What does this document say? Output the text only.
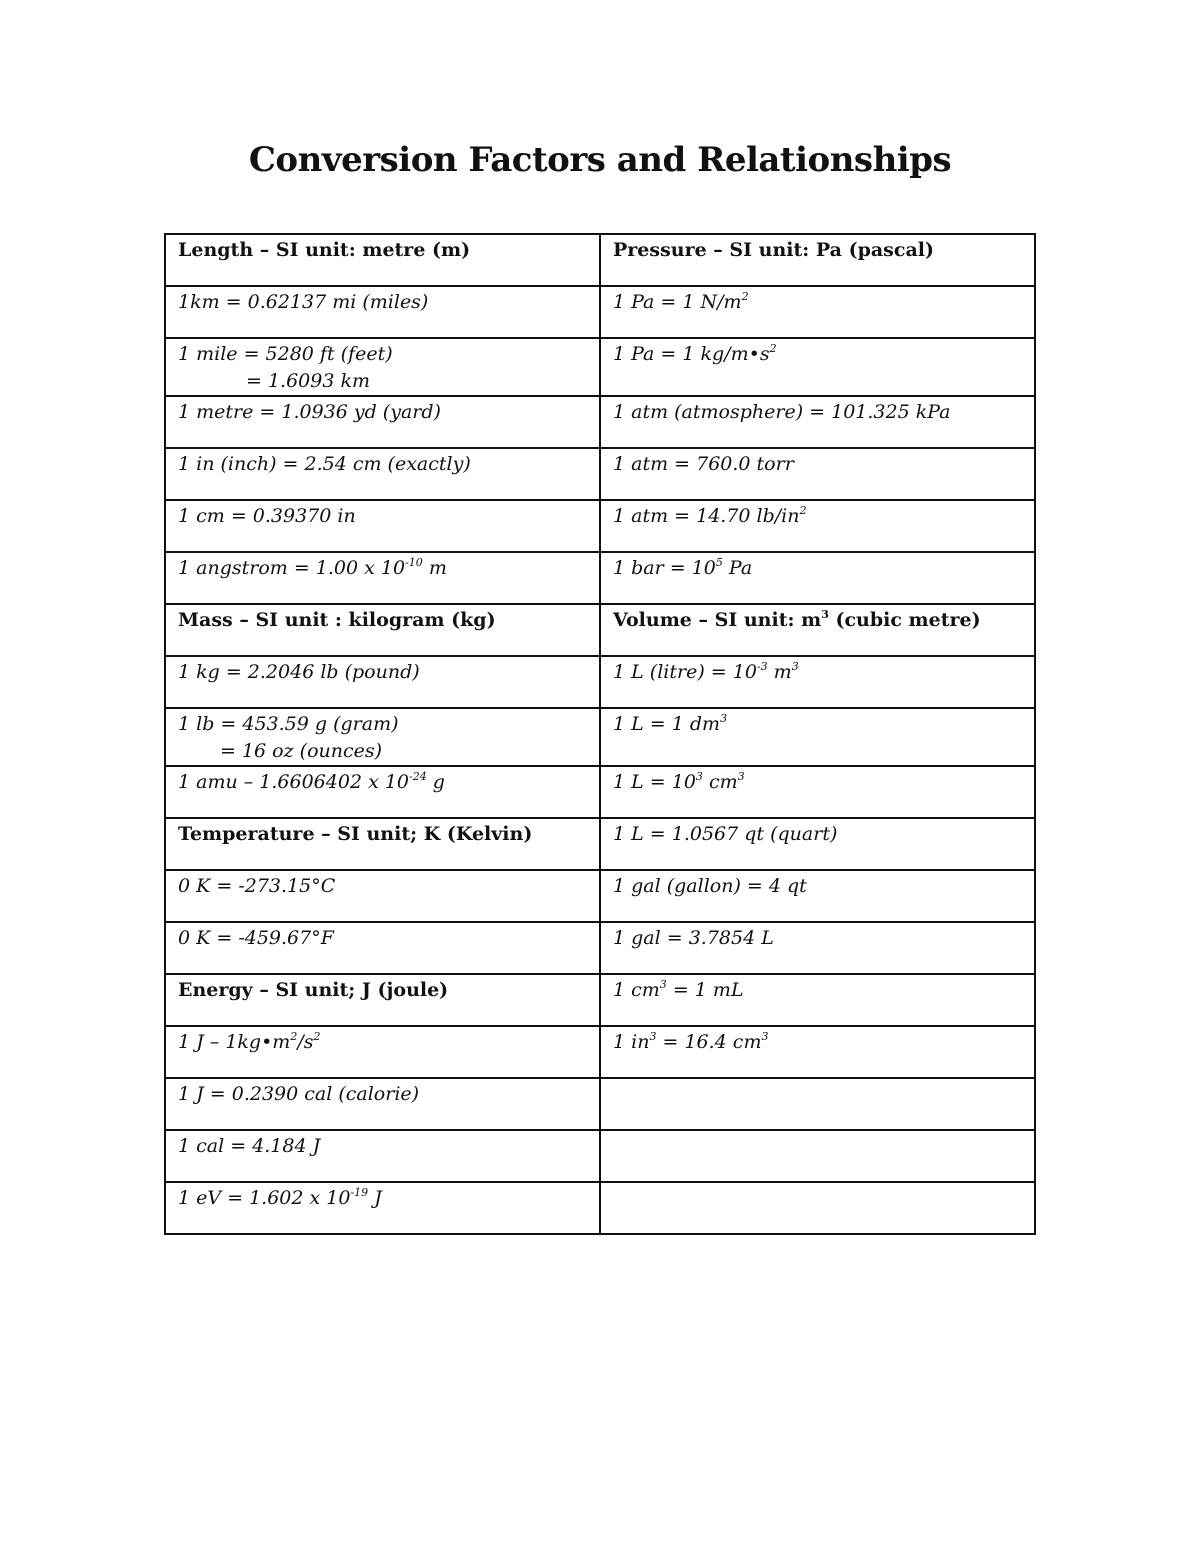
Conversion Factors and Relationships
Length – SI unit: metre (m)	Pressure – SI unit: Pa (pascal)

1km = 0.62137 mi (miles)	1 Pa = 1 $N/m^2$

1 mile = 5280 ft (feet)
= 1.6093 km	1 Pa = 1 $kg/m•s^2$

1 metre = 1.0936 yd (yard)	1 atm (atmosphere) = 101.325 kPa

1 in (inch) = 2.54 cm (exactly)	1 atm = 760.0 torr

1 cm = 0.39370 in	1 atm = 14.70 $lb/in^2$

1 angstrom = 1.00 x $10^{-10}$ m	1 bar = $10^5$ Pa

Mass – SI unit : kilogram (kg)	Volume – SI unit: $m^3$ (cubic metre)

1 kg = 2.2046 lb (pound)	1 L (litre) = $10^{-3}$ $m^3$

1 lb = 453.59 g (gram)
= 16 oz (ounces)	1 L = 1 $dm^3$

1 amu – 1.6606402 x $10^{-24}$ g	1 $L = 10^3$ $cm^3$

Temperature – SI unit; K (Kelvin)	1 L = 1.0567 qt (quart)

0 K = -273.15°C	1 gal (gallon) = 4 qt

0 K = -459.67°F	1 gal = 3.7854 L

Energy – SI unit; J (joule)	1 $cm^3 = 1$ mL

1 J – $1kg•m^2/s^2$	1 $in^3 = 16.4$ $cm^3$

1 J = 0.2390 cal (calorie)	

1 cal = 4.184 J	

1 eV = 1.602 x $10^{-19}$ J	
